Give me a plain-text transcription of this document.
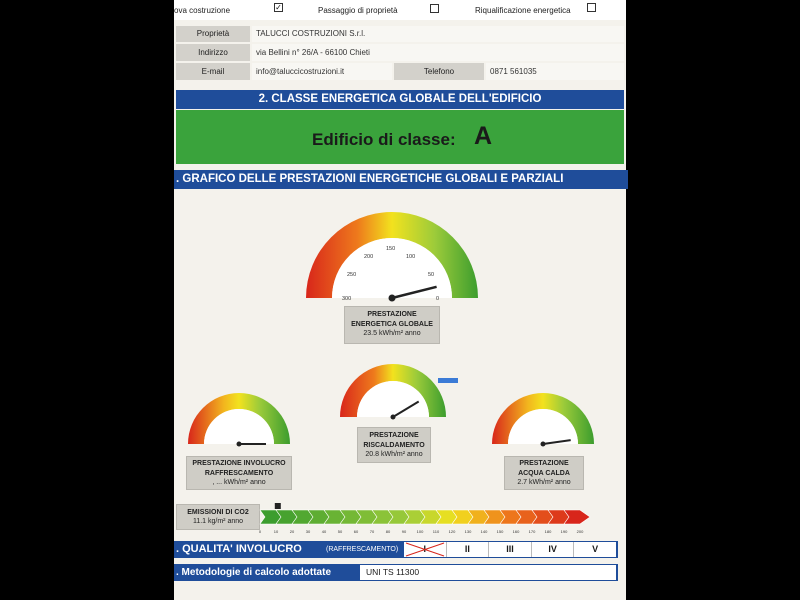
ova costruzione	✓	Passaggio di proprietà	Riqualificazione energetica
Proprietà	TALUCCI COSTRUZIONI S.r.l.
Indirizzo	via Bellini n° 26/A - 66100 Chieti
E-mail	info@taluccicostruzioni.it	Telefono	0871 561035
2. CLASSE ENERGETICA GLOBALE DELL'EDIFICIO
Edificio di classe: A
. GRAFICO DELLE PRESTAZIONI ENERGETICHE GLOBALI E PARZIALI
300
250
200
150
100
50
0
PRESTAZIONE
ENERGETICA GLOBALE
23.5 kWh/m² anno
PRESTAZIONE
RISCALDAMENTO
20.8 kWh/m² anno
PRESTAZIONE INVOLUCRO
RAFFRESCAMENTO
, ... kWh/m² anno
PRESTAZIONE
ACQUA CALDA
2.7 kWh/m² anno
EMISSIONI DI CO2
11.1 kg/m² anno
0	10	20	30	40	50	60	70	80	90	100 110 120 130 140 150 160 170 180 190 200
. QUALITA' INVOLUCRO	(RAFFRESCAMENTO)	II	III	IV	V
. Metodologie di calcolo adottate	UNI TS 11300
